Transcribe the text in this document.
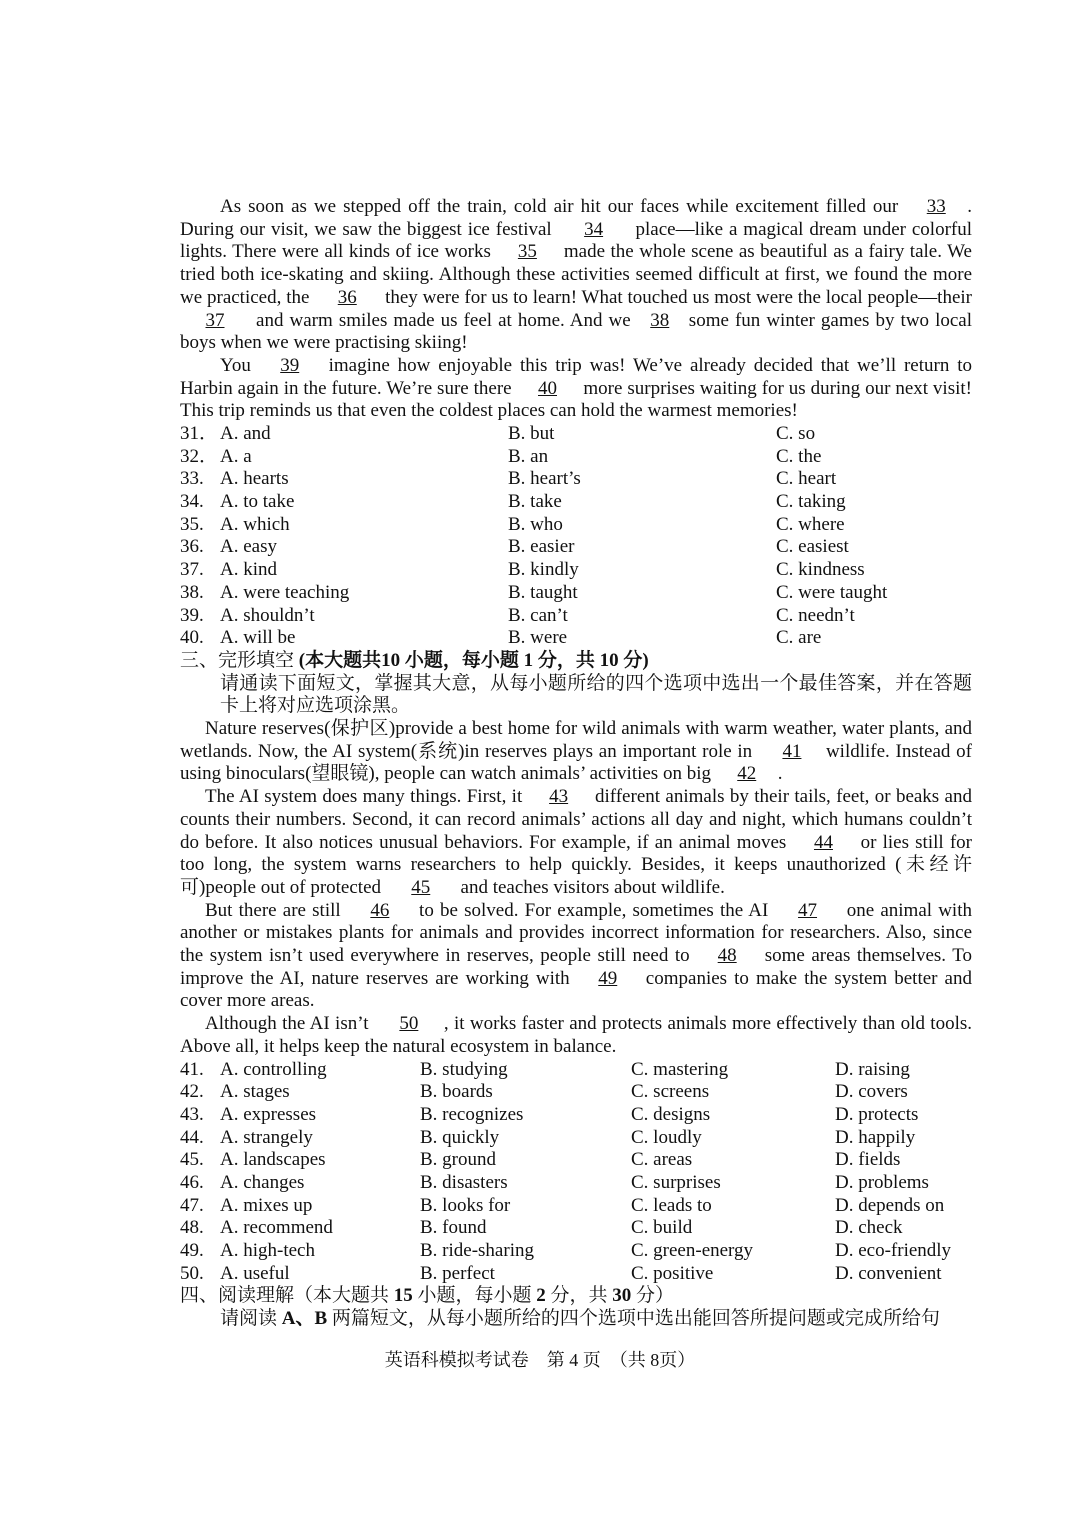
As soon as we stepped off the train, cold air hit our faces while excitement filled our 33 . During our visit, we saw the biggest ice festival 34 place—like a magical dream under colorful lights. There were all kinds of ice works 35 made the whole scene as beautiful as a fairy tale. We tried both ice-skating and skiing. Although these activities seemed difficult at first, we found the more we practiced, the 36 they were for us to learn! What touched us most were the local people—their 37 and warm smiles made us feel at home. And we 38 some fun winter games by two local boys when we were practising skiing!

You 39 imagine how enjoyable this trip was! We’ve already decided that we’ll return to Harbin again in the future. We’re sure there 40 more surprises waiting for us during our next visit! This trip reminds us that even the coldest places can hold the warmest memories!

31． A. and	B. but	C. so
32． A. a	B. an	C. the
33. A. hearts	B. heart’s	C. heart
34. A. to take	B. take	C. taking
35. A. which	B. who	C. where
36. A. easy	B. easier	C. easiest
37. A. kind	B. kindly	C. kindness
38. A. were teaching	B. taught	C. were taught
39. A. shouldn’t	B. can’t	C. needn’t
40. A. will be	B. were	C. are

三、完形填空 (本大题共10 小题，每小题 1 分，共 10 分)

请通读下面短文，掌握其大意，从每小题所给的四个选项中选出一个最佳答案，并在答题卡上将对应选项涂黑。

Nature reserves(保护区)provide a best home for wild animals with warm weather, water plants, and wetlands. Now, the AI system(系统)in reserves plays an important role in 41 wildlife. Instead of using binoculars(望眼镜), people can watch animals’ activities on big 42 .

The AI system does many things. First, it 43 different animals by their tails, feet, or beaks and counts their numbers. Second, it can record animals’ actions all day and night, which humans couldn’t do before. It also notices unusual behaviors. For example, if an animal moves 44 or lies still for too long, the system warns researchers to help quickly. Besides, it keeps unauthorized (未经许可)people out of protected 45 and teaches visitors about wildlife.

But there are still 46 to be solved. For example, sometimes the AI 47 one animal with another or mistakes plants for animals and provides incorrect information for researchers. Also, since the system isn’t used everywhere in reserves, people still need to 48 some areas themselves. To improve the AI, nature reserves are working with 49 companies to make the system better and cover more areas.

Although the AI isn’t 50 , it works faster and protects animals more effectively than old tools. Above all, it helps keep the natural ecosystem in balance.

41. A. controlling	B. studying	C. mastering	D. raising
42. A. stages	B. boards	C. screens	D. covers
43. A. expresses	B. recognizes	C. designs	D. protects
44. A. strangely	B. quickly	C. loudly	D. happily
45. A. landscapes	B. ground	C. areas	D. fields
46. A. changes	B. disasters	C. surprises	D. problems
47. A. mixes up	B. looks for	C. leads to	D. depends on
48. A. recommend	B. found	C. build	D. check
49. A. high-tech	B. ride-sharing	C. green-energy	D. eco-friendly
50. A. useful	B. perfect	C. positive	D. convenient

四、阅读理解（本大题共 15 小题，每小题 2 分，共 30 分）

请阅读 A、B 两篇短文，从每小题所给的四个选项中选出能回答所提问题或完成所给句

英语科模拟考试卷　第 4 页　（共 8页）
